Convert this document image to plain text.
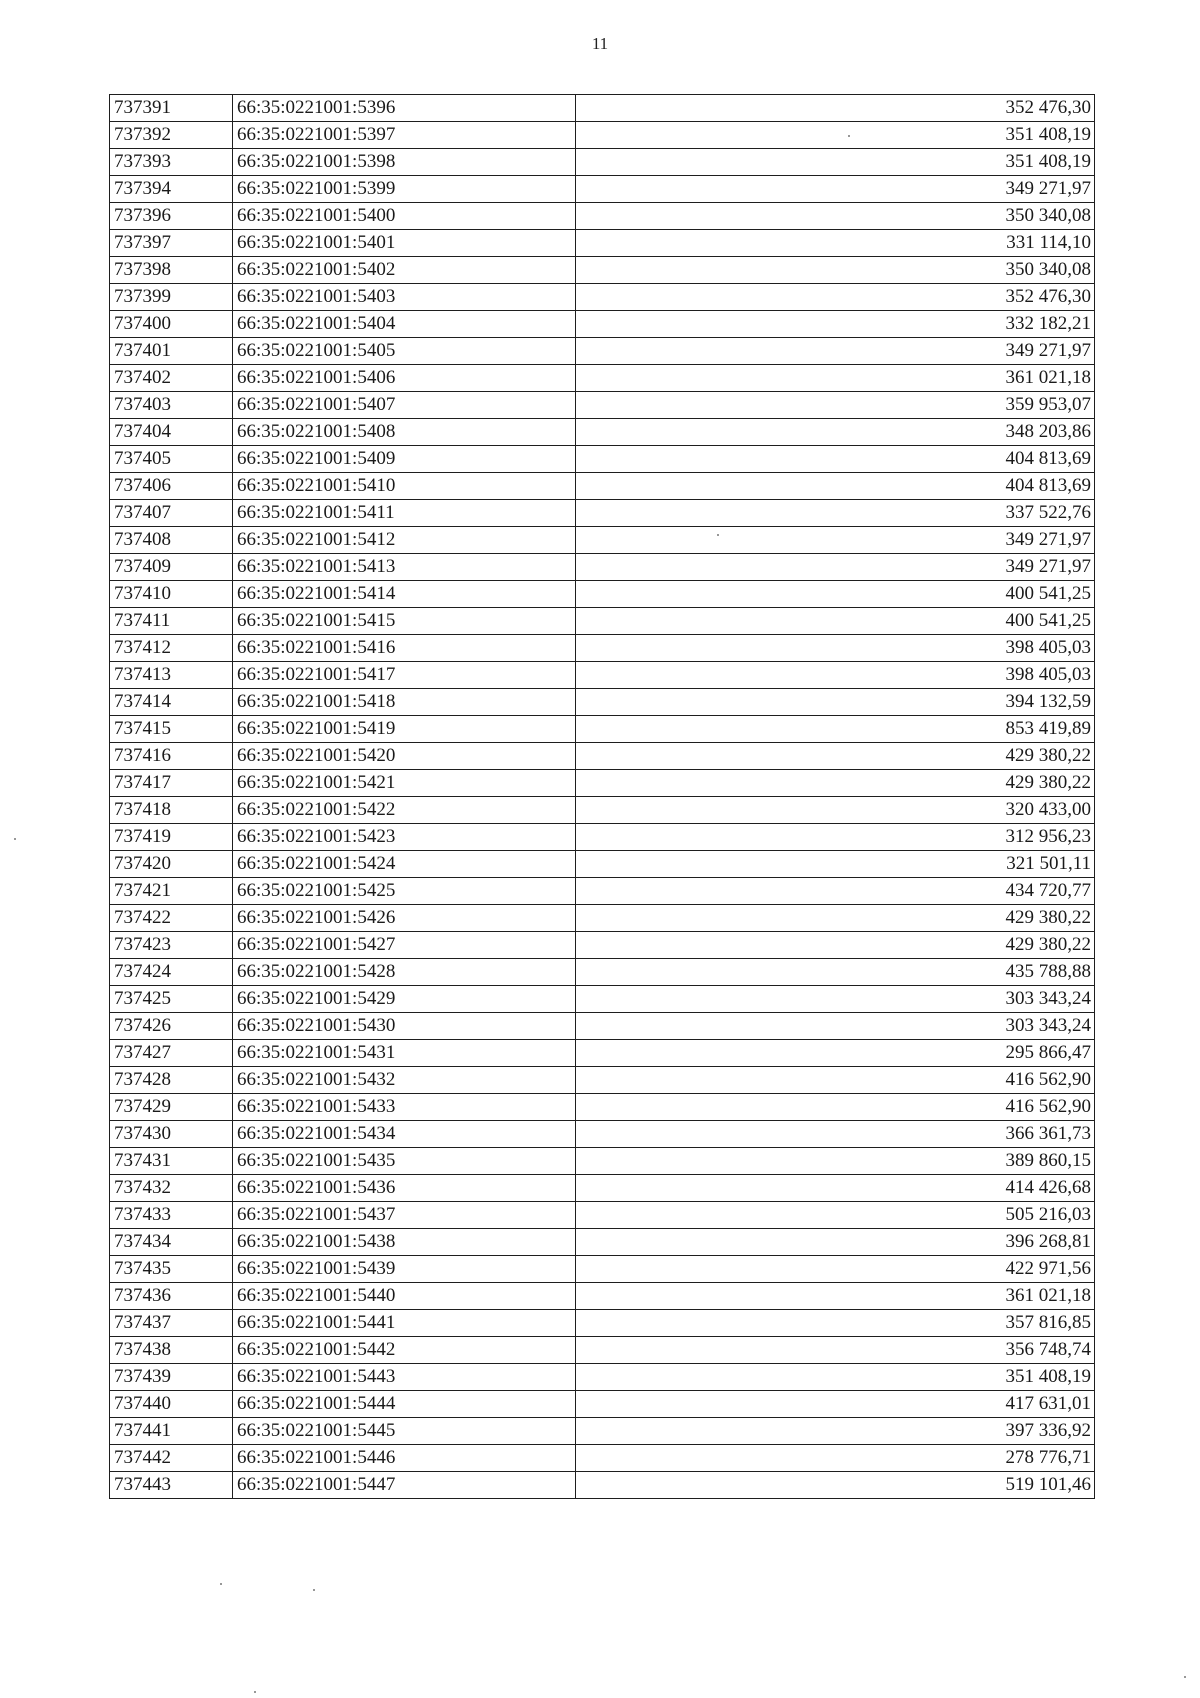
11
737391	66:35:0221001:5396	352 476,30
737392	66:35:0221001:5397	351 408,19
737393	66:35:0221001:5398	351 408,19
737394	66:35:0221001:5399	349 271,97
737396	66:35:0221001:5400	350 340,08
737397	66:35:0221001:5401	331 114,10
737398	66:35:0221001:5402	350 340,08
737399	66:35:0221001:5403	352 476,30
737400	66:35:0221001:5404	332 182,21
737401	66:35:0221001:5405	349 271,97
737402	66:35:0221001:5406	361 021,18
737403	66:35:0221001:5407	359 953,07
737404	66:35:0221001:5408	348 203,86
737405	66:35:0221001:5409	404 813,69
737406	66:35:0221001:5410	404 813,69
737407	66:35:0221001:5411	337 522,76
737408	66:35:0221001:5412	349 271,97
737409	66:35:0221001:5413	349 271,97
737410	66:35:0221001:5414	400 541,25
737411	66:35:0221001:5415	400 541,25
737412	66:35:0221001:5416	398 405,03
737413	66:35:0221001:5417	398 405,03
737414	66:35:0221001:5418	394 132,59
737415	66:35:0221001:5419	853 419,89
737416	66:35:0221001:5420	429 380,22
737417	66:35:0221001:5421	429 380,22
737418	66:35:0221001:5422	320 433,00
737419	66:35:0221001:5423	312 956,23
737420	66:35:0221001:5424	321 501,11
737421	66:35:0221001:5425	434 720,77
737422	66:35:0221001:5426	429 380,22
737423	66:35:0221001:5427	429 380,22
737424	66:35:0221001:5428	435 788,88
737425	66:35:0221001:5429	303 343,24
737426	66:35:0221001:5430	303 343,24
737427	66:35:0221001:5431	295 866,47
737428	66:35:0221001:5432	416 562,90
737429	66:35:0221001:5433	416 562,90
737430	66:35:0221001:5434	366 361,73
737431	66:35:0221001:5435	389 860,15
737432	66:35:0221001:5436	414 426,68
737433	66:35:0221001:5437	505 216,03
737434	66:35:0221001:5438	396 268,81
737435	66:35:0221001:5439	422 971,56
737436	66:35:0221001:5440	361 021,18
737437	66:35:0221001:5441	357 816,85
737438	66:35:0221001:5442	356 748,74
737439	66:35:0221001:5443	351 408,19
737440	66:35:0221001:5444	417 631,01
737441	66:35:0221001:5445	397 336,92
737442	66:35:0221001:5446	278 776,71
737443	66:35:0221001:5447	519 101,46
